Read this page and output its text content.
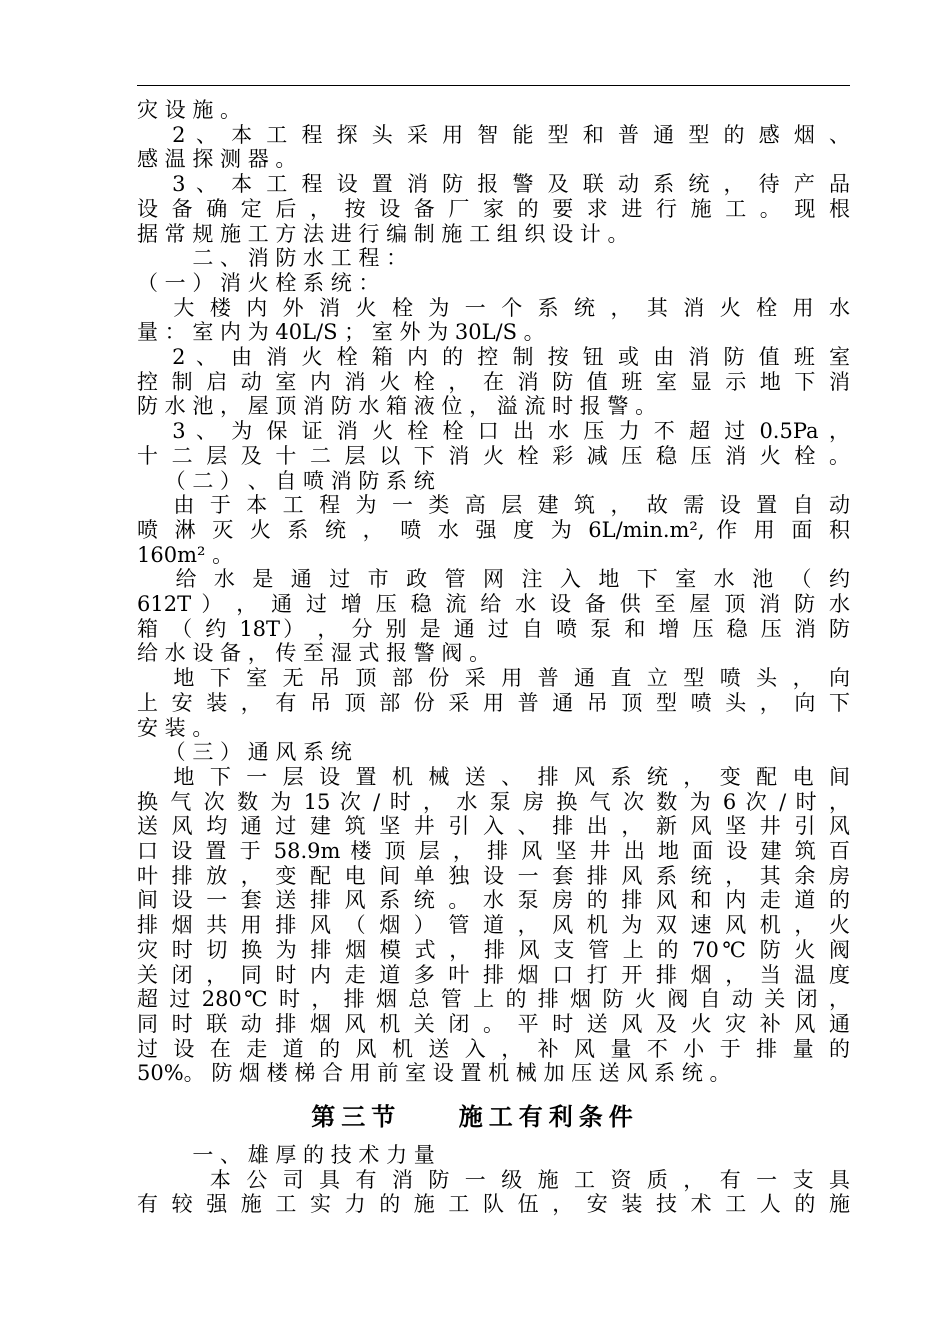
灾 设 施 。
　 2 、 本 工 程 探 头 采 用 智 能 型 和 普 通 型 的 感 烟 、
感 温 探 测 器 。
　 3 、 本 工 程 设 置 消 防 报 警 及 联 动 系 统 ， 待 产 品
设 备 确 定 后 ， 按 设 备 厂 家 的 要 求 进 行 施 工 。 现 根
据 常 规 施 工 方 法 进 行 编 制 施 工 组 织 设 计 。
　 　 二 、 消 防 水 工 程 ：
（ 一 ） 消 火 栓 系 统 ：
　 大 楼 内 外 消 火 栓 为 一 个 系 统 ， 其 消 火 栓 用 水
量 ： 室 内 为 40L/S ； 室 外 为 30L/S 。
　 2 、 由 消 火 栓 箱 内 的 控 制 按 钮 或 由 消 防 值 班 室
控 制 启 动 室 内 消 火 栓 ， 在 消 防 值 班 室 显 示 地 下 消
防 水 池 ， 屋 顶 消 防 水 箱 液 位 ， 溢 流 时 报 警 。
　 3 、 为 保 证 消 火 栓 栓 口 出 水 压 力 不 超 过 0.5Pa ，
十 二 层 及 十 二 层 以 下 消 火 栓 彩 减 压 稳 压 消 火 栓 。
　 （ 二 ） 、 自 喷 消 防 系 统
　 由 于 本 工 程 为 一 类 高 层 建 筑 ， 故 需 设 置 自 动
喷 淋 灭 火 系 统 ， 喷 水 强 度 为 6L/min.m², 作 用 面 积
160m² 。
　 给 水 是 通 过 市 政 管 网 注 入 地 下 室 水 池 （ 约
612T ） ， 通 过 增 压 稳 流 给 水 设 备 供 至 屋 顶 消 防 水
箱 （ 约 18T） ， 分 别 是 通 过 自 喷 泵 和 增 压 稳 压 消 防
给 水 设 备 ， 传 至 湿 式 报 警 阀 。
　 地 下 室 无 吊 顶 部 份 采 用 普 通 直 立 型 喷 头 ， 向
上 安 装 ， 有 吊 顶 部 份 采 用 普 通 吊 顶 型 喷 头 ， 向 下
安 装 。
　 （ 三 ） 通 风 系 统
　 地 下 一 层 设 置 机 械 送 、 排 风 系 统 ， 变 配 电 间
换 气 次 数 为 15 次 / 时 ， 水 泵 房 换 气 次 数 为 6 次 / 时 ，
送 风 均 通 过 建 筑 坚 井 引 入 、 排 出 ， 新 风 坚 井 引 风
口 设 置 于 58.9m 楼 顶 层 ， 排 风 坚 井 出 地 面 设 建 筑 百
叶 排 放 ， 变 配 电 间 单 独 设 一 套 排 风 系 统 ， 其 余 房
间 设 一 套 送 排 风 系 统 。 水 泵 房 的 排 风 和 内 走 道 的
排 烟 共 用 排 风 （ 烟 ） 管 道 ， 风 机 为 双 速 风 机 ， 火
灾 时 切 换 为 排 烟 模 式 ， 排 风 支 管 上 的 70℃ 防 火 阀
关 闭 ， 同 时 内 走 道 多 叶 排 烟 口 打 开 排 烟 ， 当 温 度
超 过 280℃ 时 ， 排 烟 总 管 上 的 排 烟 防 火 阀 自 动 关 闭 ，
同 时 联 动 排 烟 风 机 关 闭 。 平 时 送 风 及 火 灾 补 风 通
过 设 在 走 道 的 风 机 送 入 ， 补 风 量 不 小 于 排 量 的
50%。 防 烟 楼 梯 合 用 前 室 设 置 机 械 加 压 送 风 系 统 。
第三节    施工有利条件
　 　 一 、 雄 厚 的 技 术 力 量
　 　 本 公 司 具 有 消 防 一 级 施 工 资 质 ， 有 一 支 具
有 较 强 施 工 实 力 的 施 工 队 伍 ， 安 装 技 术 工 人 的 施
